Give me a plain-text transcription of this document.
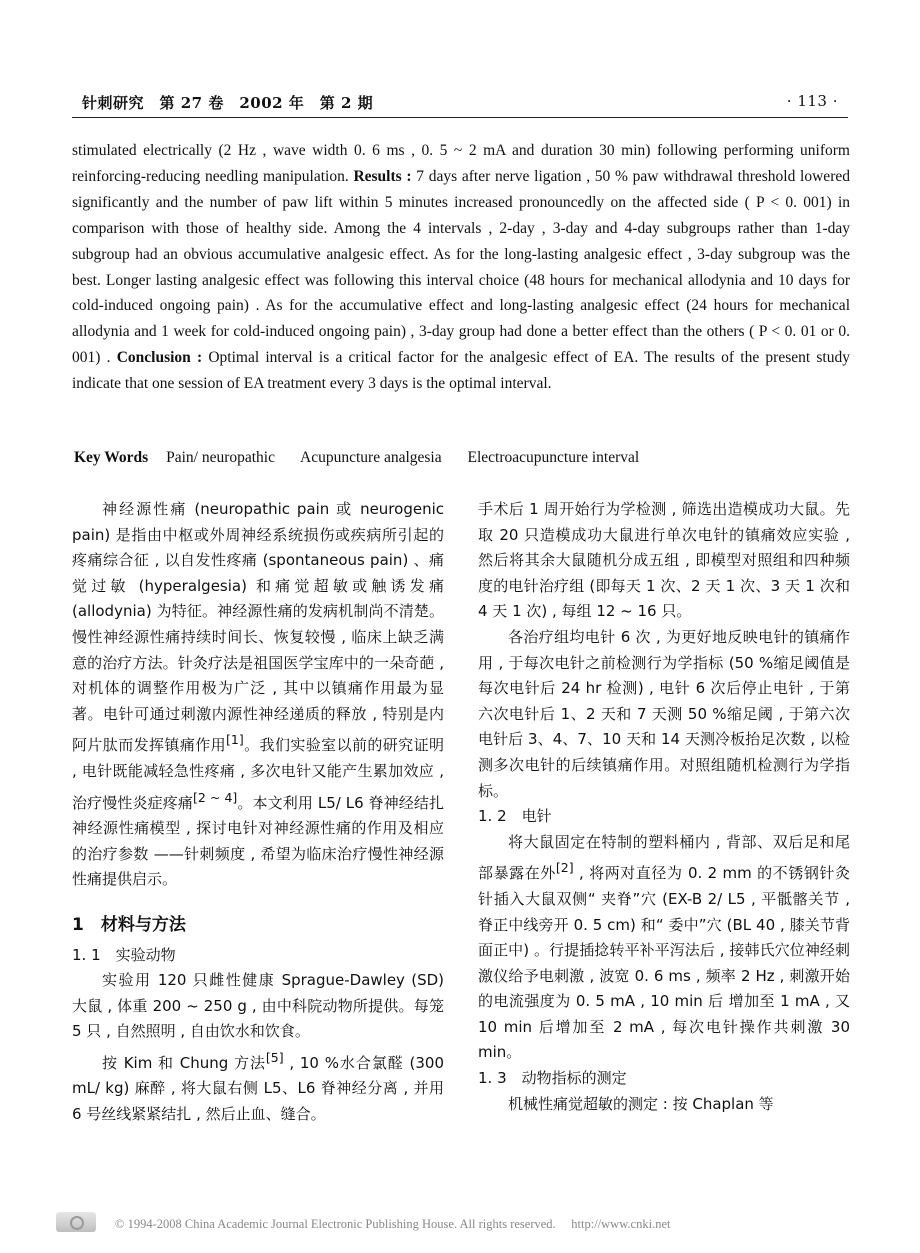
针刺研究　第 27 卷　2002 年　第 2 期	· 113 ·

stimulated electrically (2 Hz , wave width 0. 6 ms , 0. 5 ~ 2 mA and duration 30 min) following performing uniform reinforcing-reducing needling manipulation. Results : 7 days after nerve ligation , 50 % paw withdrawal threshold lowered significantly and the number of paw lift within 5 minutes increased pronouncedly on the affected side ( P < 0. 001) in comparison with those of healthy side. Among the 4 intervals , 2-day , 3-day and 4-day subgroups rather than 1-day subgroup had an obvious accumulative analgesic effect. As for the long-lasting analgesic effect , 3-day subgroup was the best. Longer lasting analgesic effect was following this interval choice (48 hours for mechanical allodynia and 10 days for cold-induced ongoing pain) . As for the accumulative effect and long-lasting analgesic effect (24 hours for mechanical allodynia and 1 week for cold-induced ongoing pain) , 3-day group had done a better effect than the others ( P < 0. 01 or 0. 001) . Conclusion : Optimal interval is a critical factor for the analgesic effect of EA. The results of the present study indicate that one session of EA treatment every 3 days is the optimal interval.

Key Words Pain/ neuropathic Acupuncture analgesia Electroacupuncture interval

神经源性痛 (neuropathic pain 或 neurogenic pain) 是指由中枢或外周神经系统损伤或疾病所引起的疼痛综合征 , 以自发性疼痛 (spontaneous pain) 、痛觉过敏 (hyperalgesia) 和痛觉超敏或触诱发痛 (allodynia) 为特征。神经源性痛的发病机制尚不清楚。慢性神经源性痛持续时间长、恢复较慢 , 临床上缺乏满意的治疗方法。针灸疗法是祖国医学宝库中的一朵奇葩 , 对机体的调整作用极为广泛 , 其中以镇痛作用最为显著。电针可通过刺激内源性神经递质的释放 , 特别是内阿片肽而发挥镇痛作用[1]。我们实验室以前的研究证明 , 电针既能减轻急性疼痛 , 多次电针又能产生累加效应 , 治疗慢性炎症疼痛[2 ~ 4]。本文利用 L5/ L6 脊神经结扎神经源性痛模型 , 探讨电针对神经源性痛的作用及相应的治疗参数 ——针刺频度 , 希望为临床治疗慢性神经源性痛提供启示。

1　材料与方法

1. 1　实验动物

实验用 120 只雌性健康 Sprague-Dawley (SD) 大鼠 , 体重 200 ~ 250 g , 由中科院动物所提供。每笼 5 只 , 自然照明 , 自由饮水和饮食。

按 Kim 和 Chung 方法[5] , 10 %水合氯醛 (300 mL/ kg) 麻醉 , 将大鼠右侧 L5、L6 脊神经分离 , 并用 6 号丝线紧紧结扎 , 然后止血、缝合。

手术后 1 周开始行为学检测 , 筛选出造模成功大鼠。先取 20 只造模成功大鼠进行单次电针的镇痛效应实验 , 然后将其余大鼠随机分成五组 , 即模型对照组和四种频度的电针治疗组 (即每天 1 次、2 天 1 次、3 天 1 次和 4 天 1 次) , 每组 12 ~ 16 只。

各治疗组均电针 6 次 , 为更好地反映电针的镇痛作用 , 于每次电针之前检测行为学指标 (50 %缩足阈值是每次电针后 24 hr 检测) , 电针 6 次后停止电针 , 于第六次电针后 1、2 天和 7 天测 50 %缩足阈 , 于第六次电针后 3、4、7、10 天和 14 天测冷板抬足次数 , 以检测多次电针的后续镇痛作用。对照组随机检测行为学指标。

1. 2　电针

将大鼠固定在特制的塑料桶内 , 背部、双后足和尾部暴露在外[2] , 将两对直径为 0. 2 mm 的不锈钢针灸针插入大鼠双侧“ 夹脊”穴 (EX-B 2/ L5 , 平骶髂关节 , 脊正中线旁开 0. 5 cm) 和“ 委中”穴 (BL 40 , 膝关节背面正中) 。行提插捻转平补平泻法后 , 接韩氏穴位神经刺激仪给予电刺激 , 波宽 0. 6 ms , 频率 2 Hz , 刺激开始的电流强度为 0. 5 mA , 10 min 后 增加至 1 mA , 又 10 min 后增加至 2 mA , 每次电针操作共刺激 30 min。

1. 3　动物指标的测定

机械性痛觉超敏的测定 : 按 Chaplan 等

© 1994-2008 China Academic Journal Electronic Publishing House. All rights reserved.　 http://www.cnki.net
